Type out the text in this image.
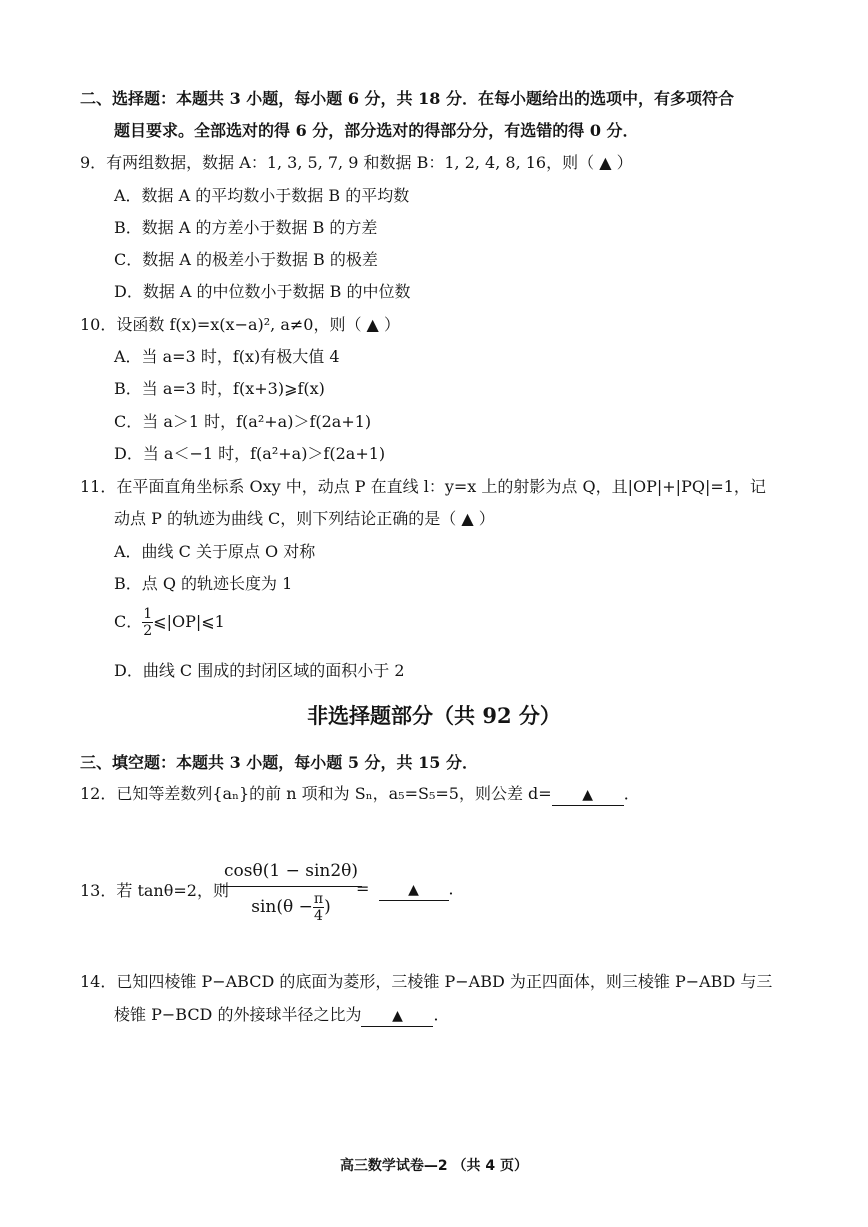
二、选择题：本题共 3 小题，每小题 6 分，共 18 分．在每小题给出的选项中，有多项符合
题目要求。全部选对的得 6 分，部分选对的得部分分，有选错的得 0 分．
9．有两组数据，数据 A：1, 3, 5, 7, 9 和数据 B：1, 2, 4, 8, 16，则（ ▲ ）
A．数据 A 的平均数小于数据 B 的平均数
B．数据 A 的方差小于数据 B 的方差
C．数据 A 的极差小于数据 B 的极差
D．数据 A 的中位数小于数据 B 的中位数
10．设函数 f(x)=x(x−a)², a≠0，则（ ▲ ）
A．当 a=3 时，f(x)有极大值 4
B．当 a=3 时，f(x+3)⩾f(x)
C．当 a＞1 时，f(a²+a)＞f(2a+1)
D．当 a＜−1 时，f(a²+a)＞f(2a+1)
11．在平面直角坐标系 Oxy 中，动点 P 在直线 l：y=x 上的射影为点 Q，且|OP|+|PQ|=1，记
动点 P 的轨迹为曲线 C，则下列结论正确的是（ ▲ ）
A．曲线 C 关于原点 O 对称
B．点 Q 的轨迹长度为 1
C． $\frac{1}{2}$ ⩽|OP|⩽1
D．曲线 C 围成的封闭区域的面积小于 2
非选择题部分（共 92 分）
三、填空题：本题共 3 小题，每小题 5 分，共 15 分．
12．已知等差数列{aₙ}的前 n 项和为 Sₙ，a₅=S₅=5，则公差 d= ▲ ．
13．若 tanθ=2，则
$\frac{\cos\theta(1 - \sin 2\theta)}{\sin(\theta - \frac{\pi}{4} )}$
=	▲ ．
14．已知四棱锥 P−ABCD 的底面为菱形，三棱锥 P−ABD 为正四面体，则三棱锥 P−ABD 与三
棱锥 P−BCD 的外接球半径之比为 ▲ ．
高三数学试卷—2 （共 4 页）
